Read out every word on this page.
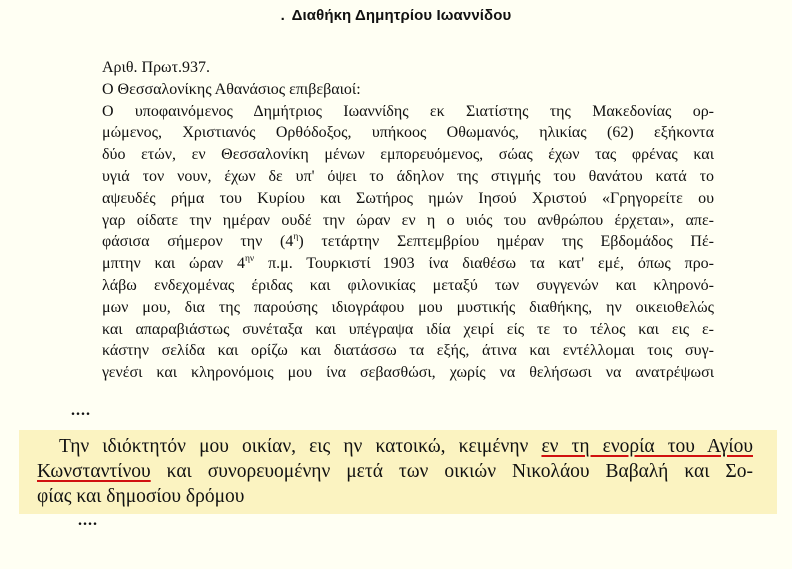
. Διαθήκη Δημητρίου Ιωαννίδου
Αριθ. Πρωτ.937.
Ο Θεσσαλονίκης Αθανάσιος επιβεβαιοί:
Ο υποφαινόμενος Δημήτριος Ιωαννίδης εκ Σιατίστης της Μακεδονίας ορ-
μώμενος, Χριστιανός Ορθόδοξος, υπήκοος Οθωμανός, ηλικίας (62) εξήκοντα
δύο ετών, εν Θεσσαλονίκη μένων εμπορευόμενος, σώας έχων τας φρένας και
υγιά τον νουν, έχων δε υπ' όψει το άδηλον της στιγμής του θανάτου κατά το
αψευδές ρήμα του Κυρίου και Σωτήρος ημών Ιησού Χριστού «Γρηγορείτε ου
γαρ οίδατε την ημέραν ουδέ την ώραν εν η ο υιός του ανθρώπου έρχεται», απε-
φάσισα σήμερον την $(4^\eta)$ τετάρτην Σεπτεμβρίου ημέραν της Εβδομάδος Πέ-
μπτην και ώραν $4^{\eta\nu}$ π.μ. Τουρκιστί 1903 ίνα διαθέσω τα κατ' εμέ, όπως προ-
λάβω ενδεχομένας έριδας και φιλονικίας μεταξύ των συγγενών και κληρονό-
μων μου, δια της παρούσης ιδιογράφου μου μυστικής διαθήκης, ην οικειοθελώς
και απαραβιάστως συνέταξα και υπέγραψα ιδία χειρί είς τε το τέλος και εις ε-
κάστην σελίδα και ορίζω και διατάσσω τα εξής, άτινα και εντέλλομαι τοις συγ-
γενέσι και κληρονόμοις μου ίνα σεβασθώσι, χωρίς να θελήσωσι να ανατρέψωσι
....
Την ιδιόκτητόν μου οικίαν, εις ην κατοικώ, κειμένην εν τη ενορία του Αγίου
Κωνσταντίνου και συνορευομένην μετά των οικιών Νικολάου Βαβαλή και Σο-
φίας και δημοσίου δρόμου
....
